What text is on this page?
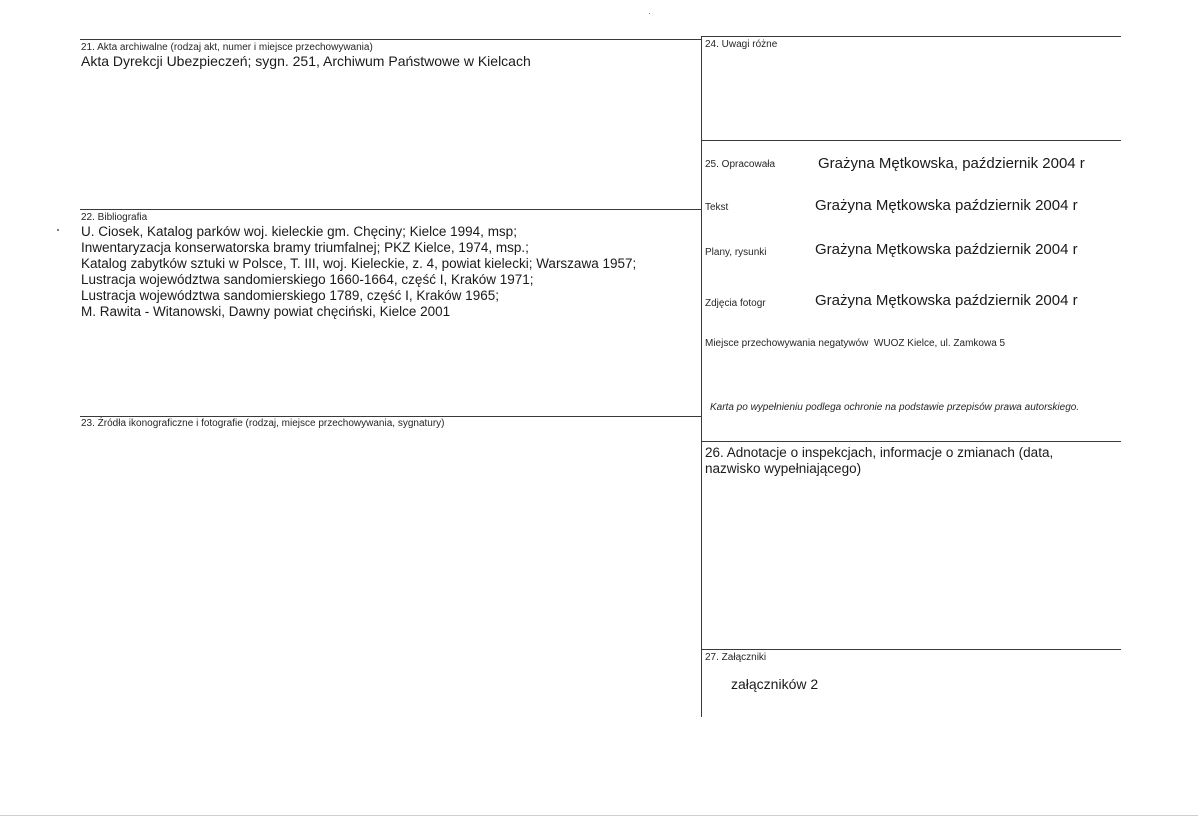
21. Akta archiwalne (rodzaj akt, numer i miejsce przechowywania)
Akta Dyrekcji Ubezpieczeń; sygn. 251, Archiwum Państwowe w Kielcach
22. Bibliografia
U. Ciosek, Katalog parków woj. kieleckie gm. Chęciny; Kielce 1994, msp;
Inwentaryzacja konserwatorska bramy triumfalnej; PKZ Kielce, 1974, msp.;
Katalog zabytków sztuki w Polsce, T. III, woj. Kieleckie, z. 4, powiat kielecki; Warszawa 1957;
Lustracja województwa sandomierskiego 1660-1664, część I, Kraków 1971;
Lustracja województwa sandomierskiego 1789, część I, Kraków 1965;
M. Rawita - Witanowski, Dawny powiat chęciński, Kielce 2001
23. Źródła ikonograficzne i fotografie (rodzaj, miejsce przechowywania, sygnatury)
24. Uwagi różne
25. Opracowała	Grażyna Mętkowska, październik 2004 r
Tekst	Grażyna Mętkowska październik 2004 r
Plany, rysunki	Grażyna Mętkowska październik 2004 r
Zdjęcia fotogr	Grażyna Mętkowska październik 2004 r
Miejsce przechowywania negatywów  WUOZ Kielce, ul. Zamkowa 5
Karta po wypełnieniu podlega ochronie na podstawie przepisów prawa autorskiego.
26. Adnotacje o inspekcjach, informacje o zmianach (data,
nazwisko wypełniającego)
27. Załączniki
załączników 2
